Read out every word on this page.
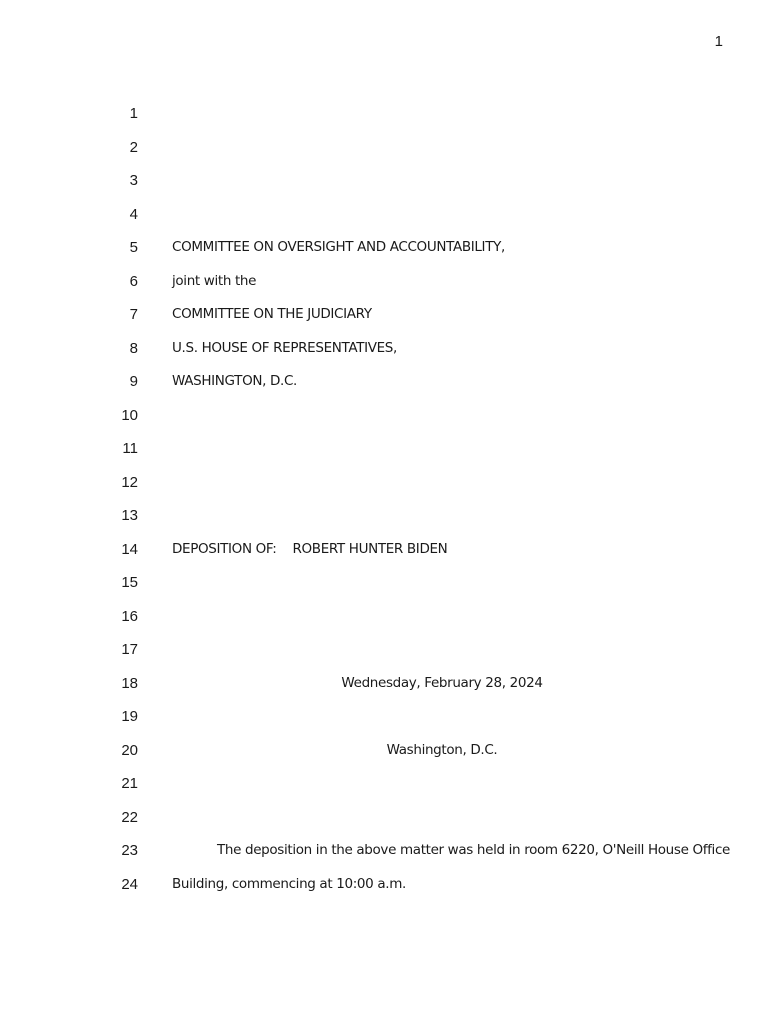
1
1
2
3
4
5	COMMITTEE ON OVERSIGHT AND ACCOUNTABILITY,
6	joint with the
7	COMMITTEE ON THE JUDICIARY
8	U.S. HOUSE OF REPRESENTATIVES,
9	WASHINGTON, D.C.
10
11
12
13
14	DEPOSITION OF: ROBERT HUNTER BIDEN
15
16
17
18	Wednesday, February 28, 2024
19
20	Washington, D.C.
21
22
23	The deposition in the above matter was held in room 6220, O'Neill House Office
24	Building, commencing at 10:00 a.m.
